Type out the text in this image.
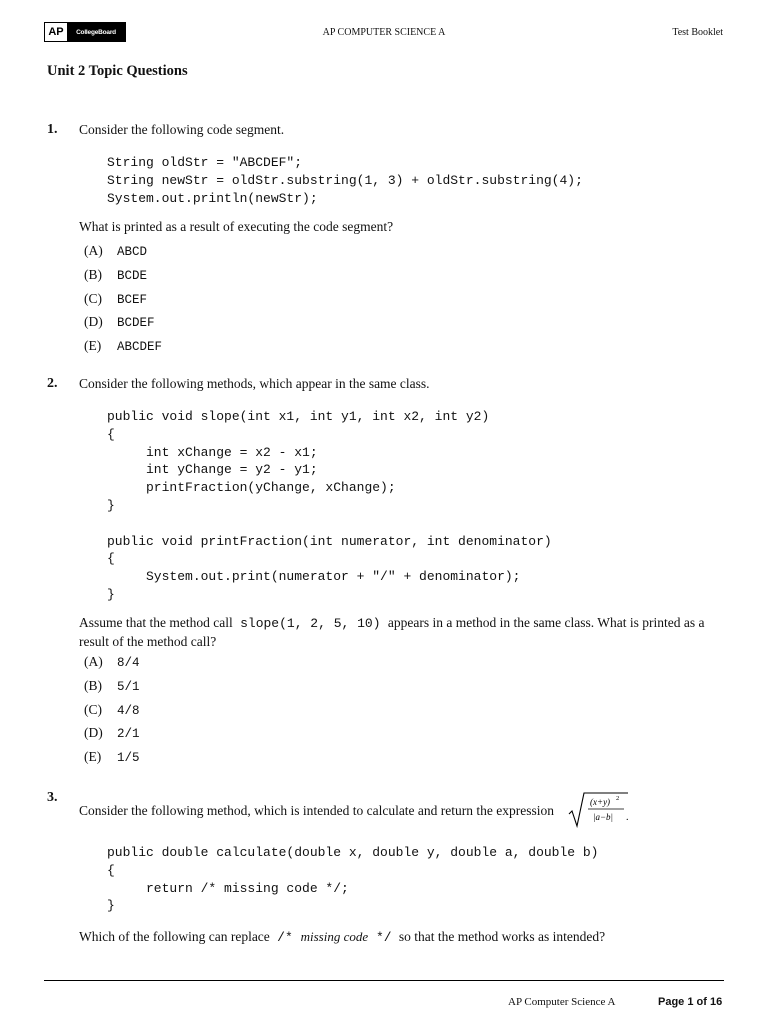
AP	CollegeBoard	AP COMPUTER SCIENCE A	Test Booklet
Unit 2 Topic Questions
1. Consider the following code segment.
String oldStr = "ABCDEF";
String newStr = oldStr.substring(1, 3) + oldStr.substring(4);
System.out.println(newStr);
What is printed as a result of executing the code segment?
(A)	ABCD
(B)	BCDE
(C)	BCEF
(D)	BCDEF
(E)	ABCDEF
2. Consider the following methods, which appear in the same class.
public void slope(int x1, int y1, int x2, int y2)
{
int xChange = x2 - x1;
int yChange = y2 - y1;
printFraction(yChange, xChange);
}

public void printFraction(int numerator, int denominator)
{
System.out.print(numerator + "/" + denominator);
}
Assume that the method call slope(1, 2, 5, 10) appears in a method in the same class. What is printed as a result of the method call?
(A)	8/4
(B)	5/1
(C)	4/8
(D)	2/1
(E)	1/5
3.
Consider the following method, which is intended to calculate and return the expression
(x+y) 2
|a−b| .
public double calculate(double x, double y, double a, double b)
{
return /* missing code */;
}
Which of the following can replace /* missing code */ so that the method works as intended?
AP Computer Science A	Page 1 of 16
